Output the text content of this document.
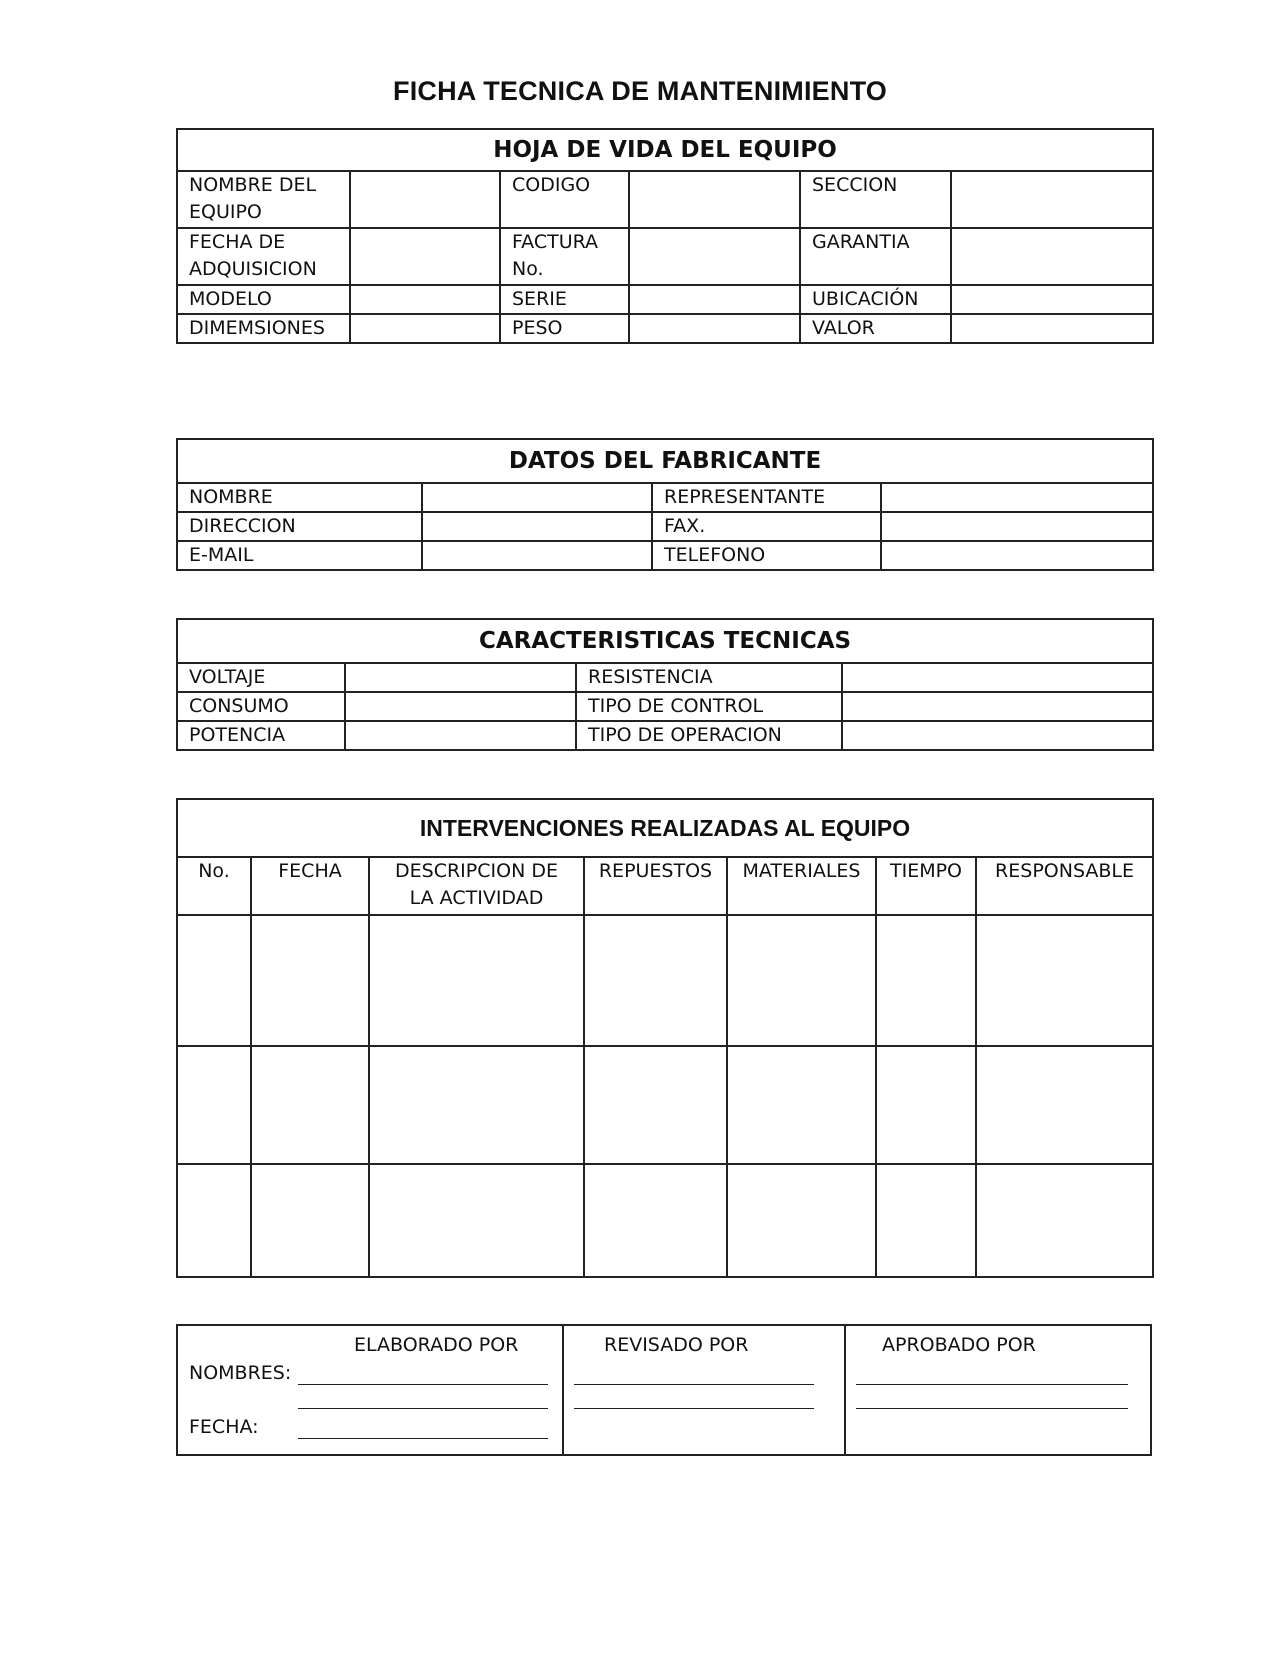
FICHA TECNICA DE MANTENIMIENTO
HOJA DE VIDA DEL EQUIPO					
NOMBRE DEL EQUIPO		CODIGO		SECCION	
FECHA DE ADQUISICION		FACTURA No.		GARANTIA	
MODELO		SERIE		UBICACIÓN	
DIMEMSIONES		PESO		VALOR	
DATOS DEL FABRICANTE			
NOMBRE		REPRESENTANTE	
DIRECCION		FAX.	
E-MAIL		TELEFONO	
CARACTERISTICAS TECNICAS			
VOLTAJE		RESISTENCIA	
CONSUMO		TIPO DE CONTROL	
POTENCIA		TIPO DE OPERACION	
INTERVENCIONES REALIZADAS AL EQUIPO						
No.	FECHA	DESCRIPCION DE LA ACTIVIDAD	REPUESTOS	MATERIALES	TIEMPO	RESPONSABLE

ELABORADO POR
NOMBRES:
FECHA:
REVISADO POR	APROBADO POR
